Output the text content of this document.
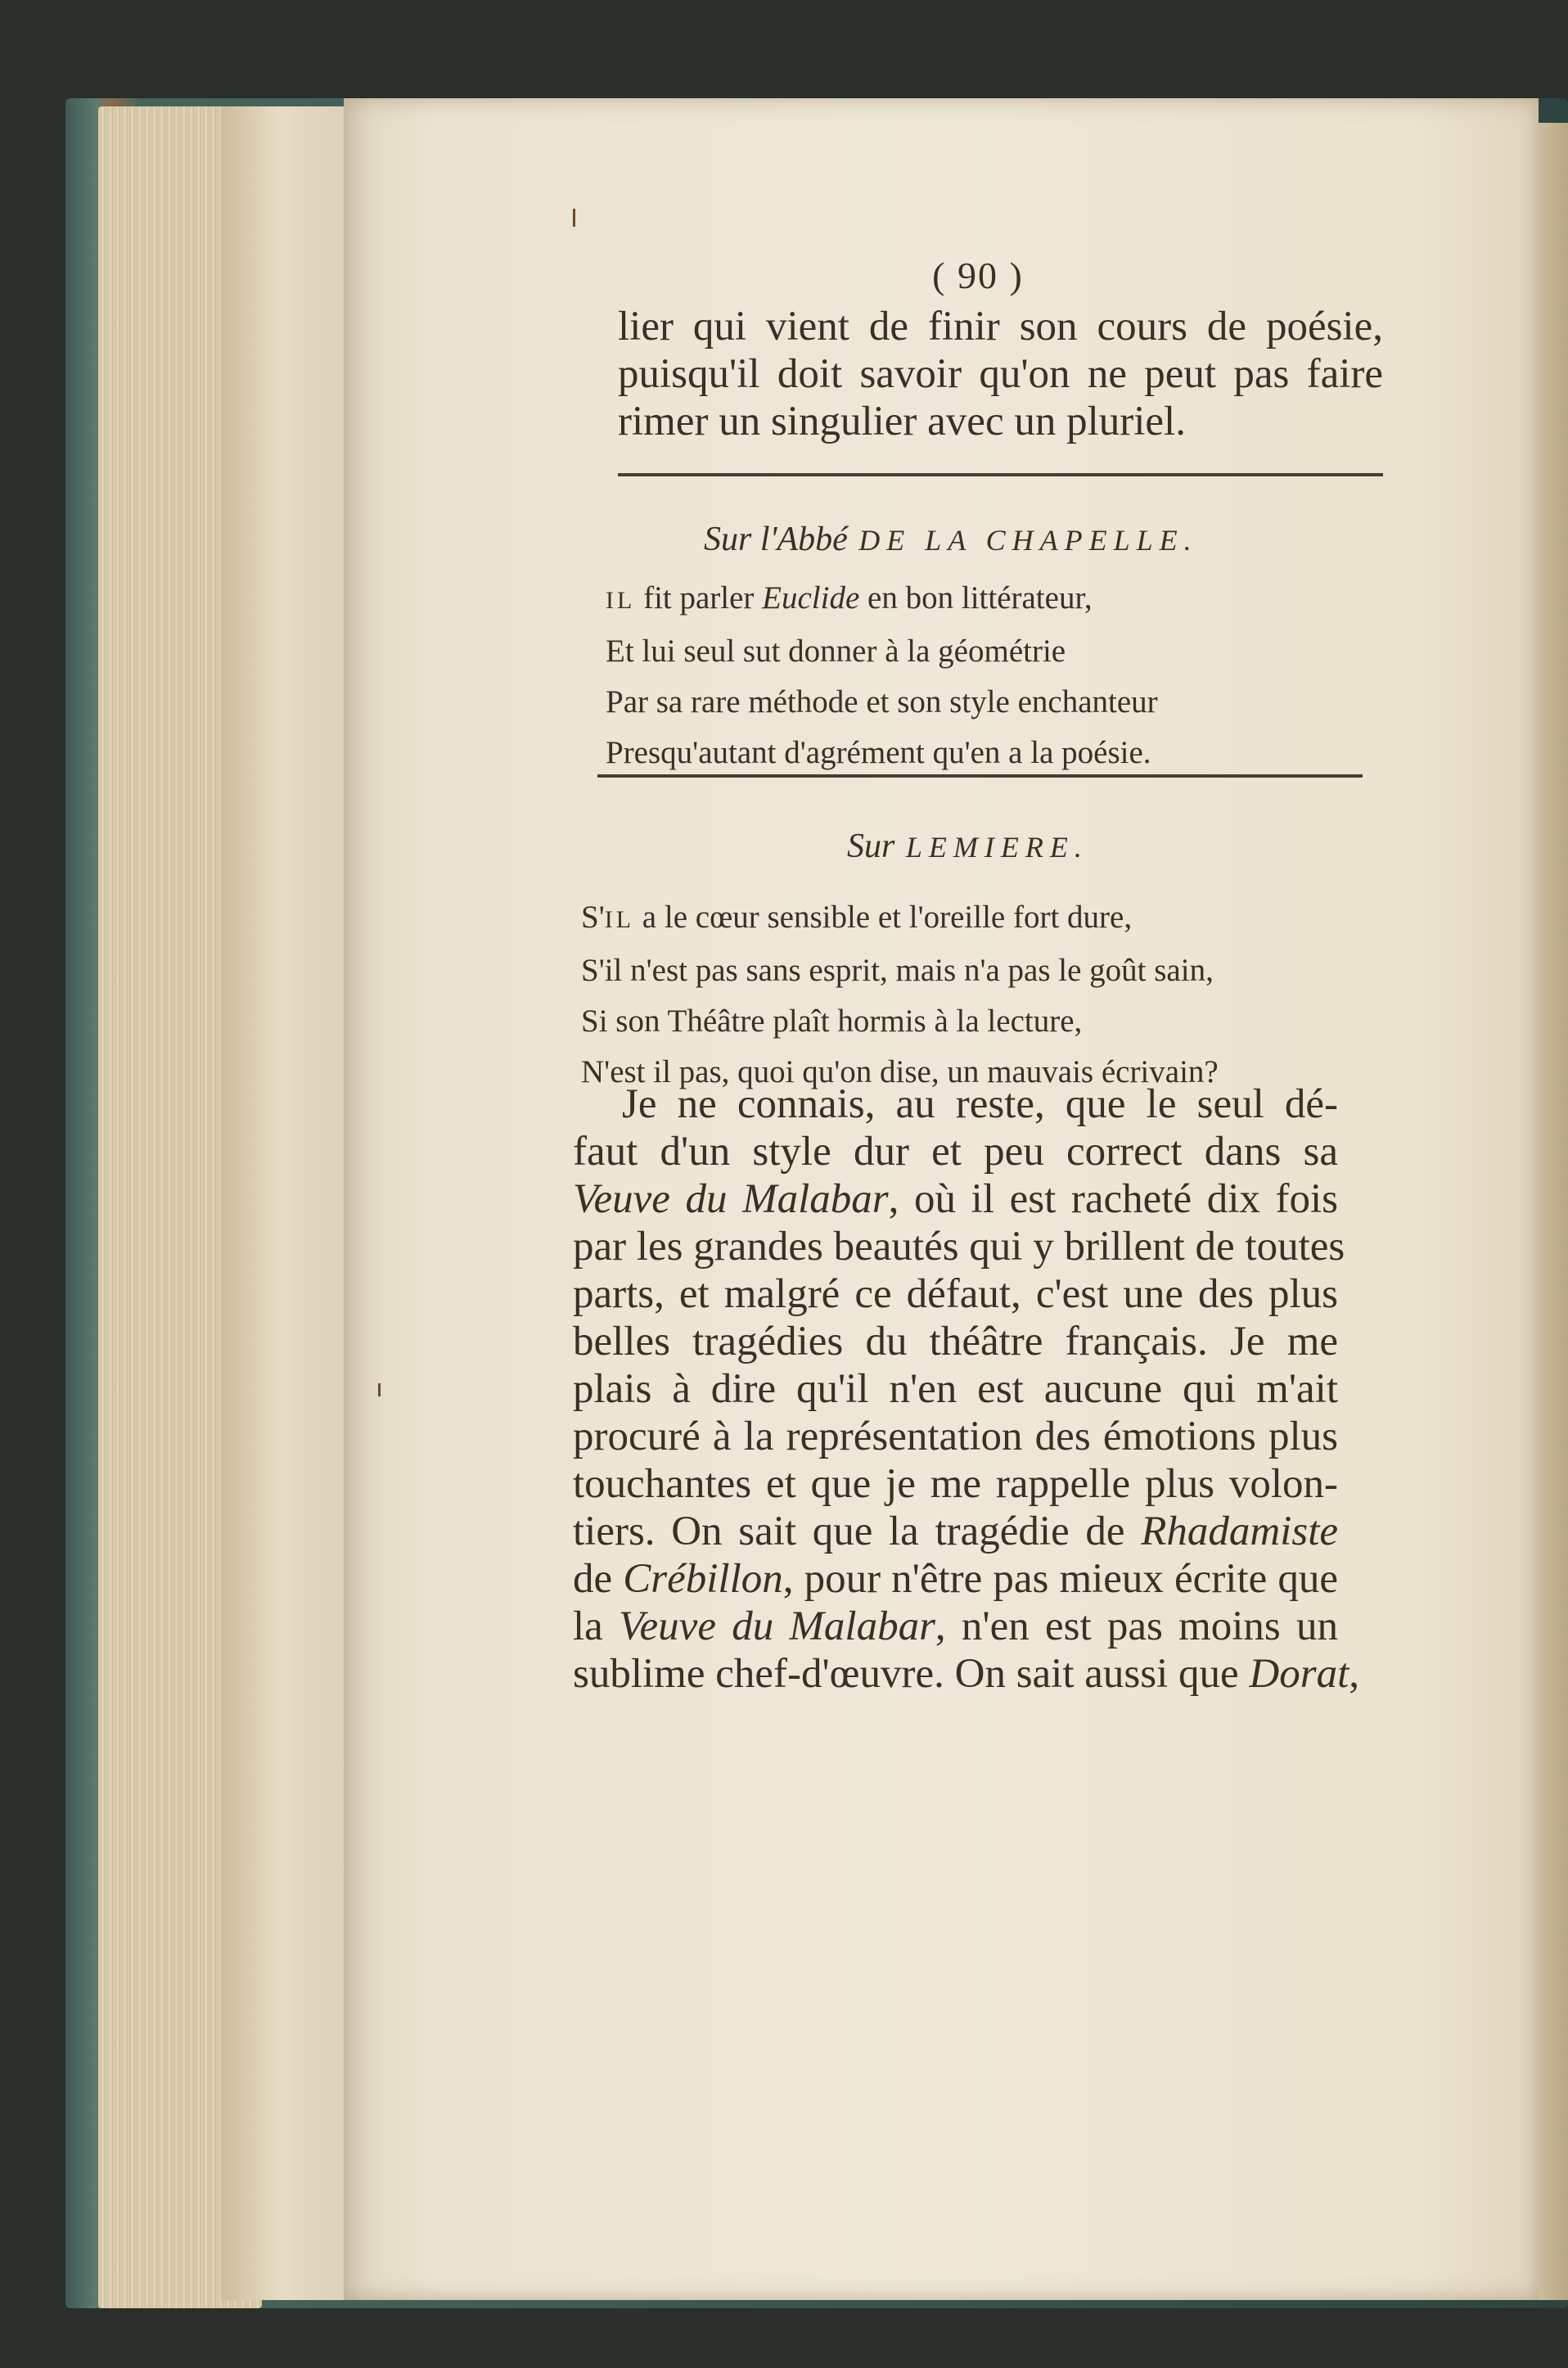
( 90 )
lier qui vient de finir son cours de poésie,
puisqu'il doit savoir qu'on ne peut pas faire
rimer un singulier avec un pluriel.
Sur l'Abbé DE LA CHAPELLE.
IL fit parler Euclide en bon littérateur,
Et lui seul sut donner à la géométrie
Par sa rare méthode et son style enchanteur
Presqu'autant d'agrément qu'en a la poésie.
Sur LEMIERE.
S'IL a le cœur sensible et l'oreille fort dure,
S'il n'est pas sans esprit, mais n'a pas le goût sain,
Si son Théâtre plaît hormis à la lecture,
N'est il pas, quoi qu'on dise, un mauvais écrivain?
Je ne connais, au reste, que le seul dé-
faut d'un style dur et peu correct dans sa
Veuve du Malabar, où il est racheté dix fois
par les grandes beautés qui y brillent de toutes
parts, et malgré ce défaut, c'est une des plus
belles tragédies du théâtre français. Je me
plais à dire qu'il n'en est aucune qui m'ait
procuré à la représentation des émotions plus
touchantes et que je me rappelle plus volon-
tiers. On sait que la tragédie de Rhadamiste
de Crébillon, pour n'être pas mieux écrite que
la Veuve du Malabar, n'en est pas moins un
sublime chef-d'œuvre. On sait aussi que Dorat,
